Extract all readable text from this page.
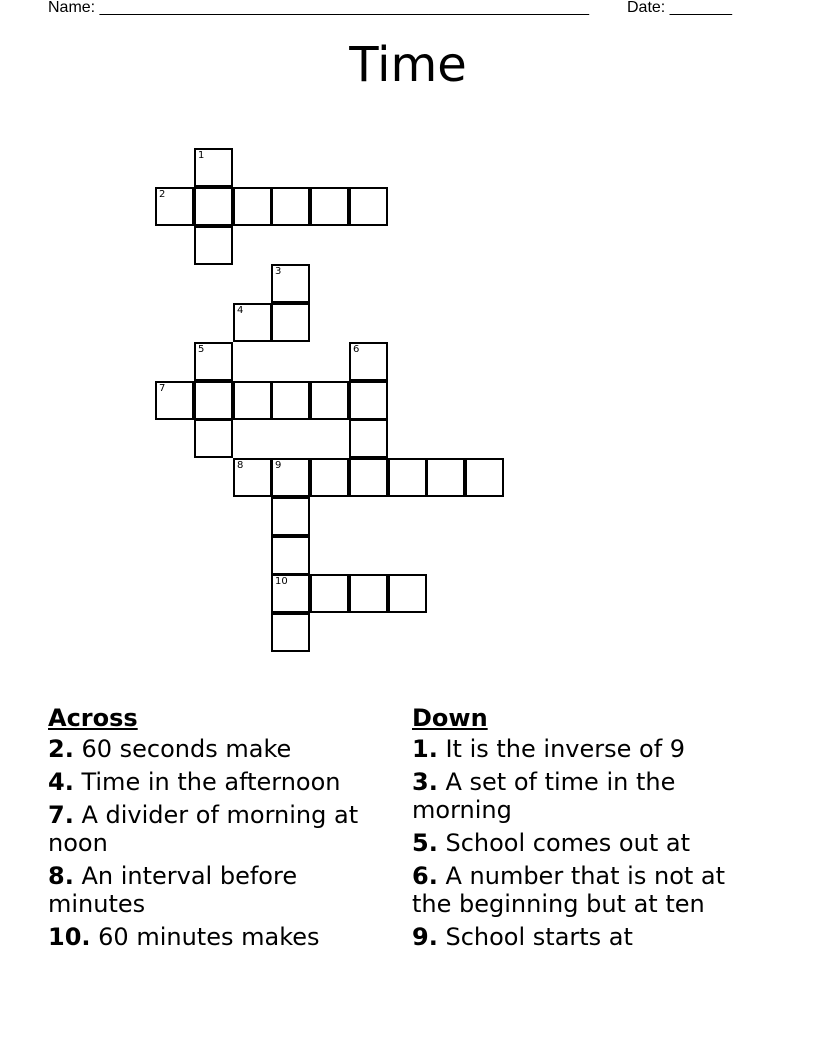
Name: _______________________________________________________ Date: _______
Time
1
2
3
4
5	6
7
8	9
10
Across
2. 60 seconds make
4. Time in the afternoon
7. A divider of morning at noon
8. An interval before minutes
10. 60 minutes makes
Down
1. It is the inverse of 9
3. A set of time in the morning
5. School comes out at
6. A number that is not at the beginning but at ten
9. School starts at
